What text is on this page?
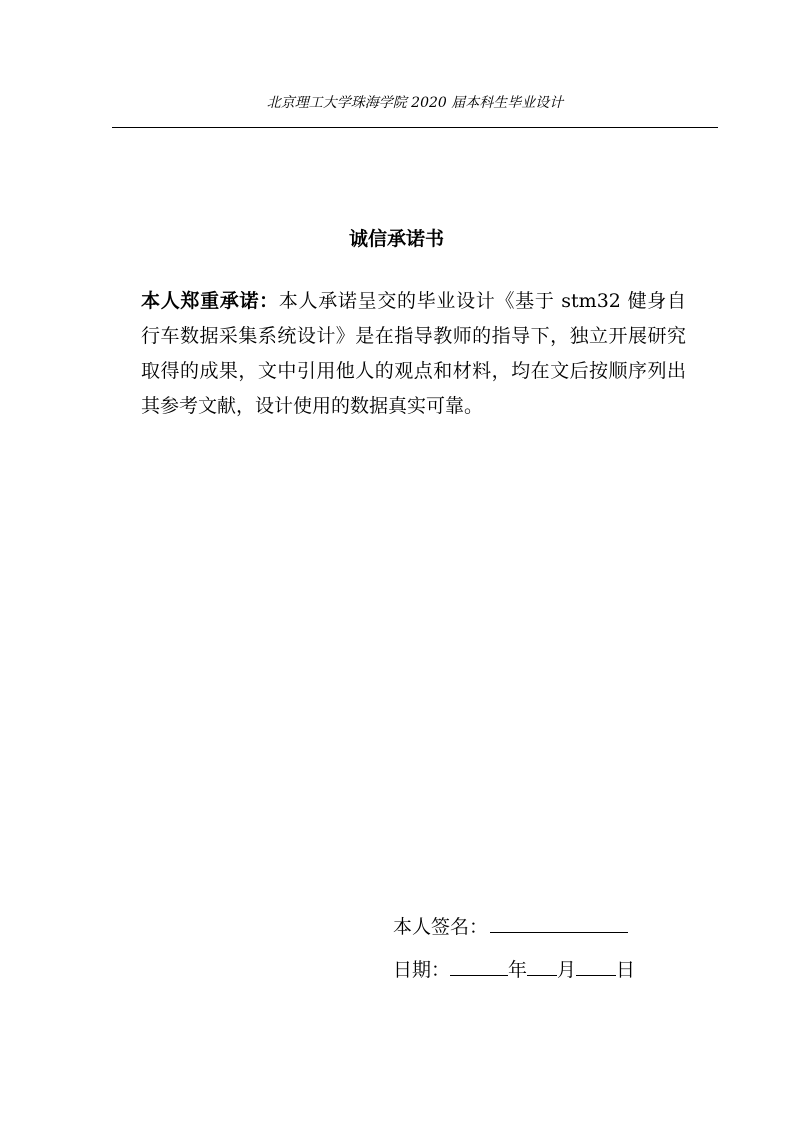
北京理工大学珠海学院 2020 届本科生毕业设计
诚信承诺书
本人郑重承诺：本人承诺呈交的毕业设计《基于 stm32 健身自行车数据采集系统设计》是在指导教师的指导下，独立开展研究取得的成果，文中引用他人的观点和材料，均在文后按顺序列出其参考文献，设计使用的数据真实可靠。
本人签名：
日期：	年 月 日
